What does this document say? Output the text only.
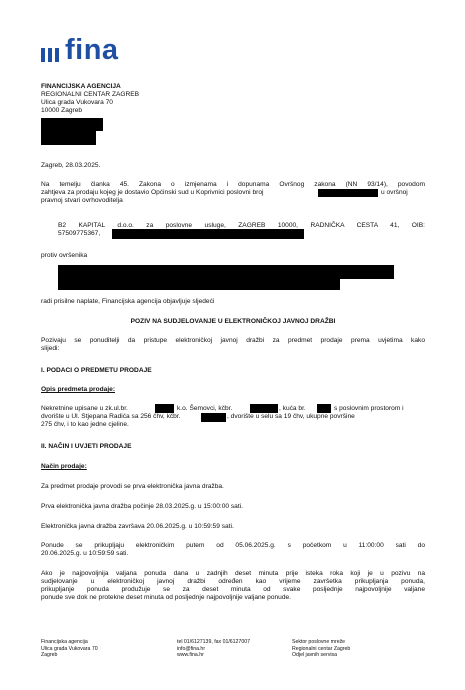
fina
FINANCIJSKA AGENCIJA
REGIONALNI CENTAR ZAGREB
Ulica grada Vukovara 70
10000 Zagreb
Zagreb, 28.03.2025.
Na temelju članka 45. Zakona o izmjenama i dopunama Ovršnog zakona (NN 93/14), povodom
zahtjeva za prodaju kojeg je dostavio Općinski sud u Koprivnici poslovni broj	u ovršnoj
pravnoj stvari ovrhovoditelja
B2 KAPITAL d.o.o. za poslovne usluge, ZAGREB 10000, RADNIČKA CESTA 41, OIB:
57509775367,
protiv ovršenika
radi prisilne naplate, Financijska agencija objavljuje sljedeći
POZIV NA SUDJELOVANJE U ELEKTRONIČKOJ JAVNOJ DRAŽBI
Pozivaju se ponuditelji da pristupe elektroničkoj javnoj dražbi za predmet prodaje prema uvjetima kako
slijedi:
I. PODACI O PREDMETU PRODAJE
Opis predmeta prodaje:
Nekretnine upisane u zk.ul.br.	k.o. Šemovci, kčbr.	, kuća br.	s poslovnim prostorom i
dvorište u Ul. Stjepana Radića sa 256 čhv, kčbr.	, dvorište u selu sa 19 čhv, ukupne površine
275 čhv, i to kao jedne cjeline.
II. NAČIN I UVJETI PRODAJE
Način prodaje:
Za predmet prodaje provodi se prva elektronička javna dražba.
Prva elektronička javna dražba počinje 28.03.2025.g. u 15:00:00 sati.
Elektronička javna dražba završava 20.06.2025.g. u 10:59:59 sati.
Ponude se prikupljaju elektroničkim putem od 05.06.2025.g. s početkom u 11:00:00 sati do
20.06.2025.g. u 10:59:59 sati.
Ako je najpovoljnija valjana ponuda dana u zadnjih deset minuta prije isteka roka koji je u pozivu na
sudjelovanje u elektroničkoj javnoj dražbi određen kao vrijeme završetka prikupljanja ponuda,
prikupljanje ponuda produžuje se za deset minuta od svake posljednje najpovoljnije valjane
ponude sve dok ne protekne deset minuta od posljednje najpovoljnije valjane ponude.
Financijska agencija
Ulica grada Vukovara 70
Zagreb
tel 01/6127139, fax 01/6127007
info@fina.hr
www.fina.hr
Sektor poslovne mreže
Regionalni centar Zagreb
Odjel javnih servisa
